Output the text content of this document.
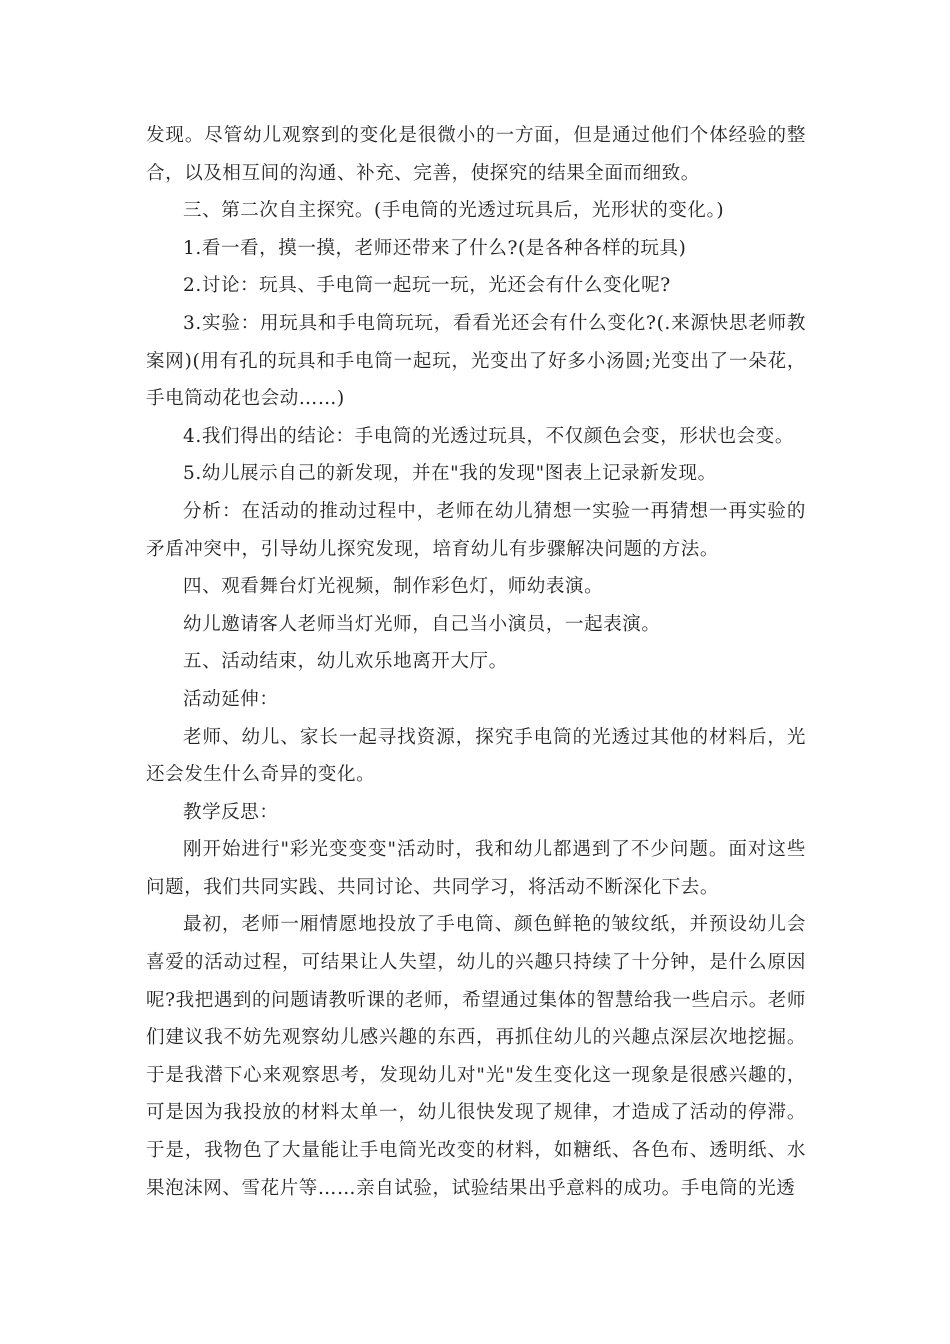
发现。尽管幼儿观察到的变化是很微小的一方面，但是通过他们个体经验的整合，以及相互间的沟通、补充、完善，使探究的结果全面而细致。

三、第二次自主探究。(手电筒的光透过玩具后，光形状的变化。)

1.看一看，摸一摸，老师还带来了什么?(是各种各样的玩具)

2.讨论：玩具、手电筒一起玩一玩，光还会有什么变化呢?

3.实验：用玩具和手电筒玩玩，看看光还会有什么变化?(.来源快思老师教案网)(用有孔的玩具和手电筒一起玩，光变出了好多小汤圆;光变出了一朵花，手电筒动花也会动……)

4.我们得出的结论：手电筒的光透过玩具，不仅颜色会变，形状也会变。

5.幼儿展示自己的新发现，并在"我的发现"图表上记录新发现。

分析：在活动的推动过程中，老师在幼儿猜想一实验一再猜想一再实验的矛盾冲突中，引导幼儿探究发现，培育幼儿有步骤解决问题的方法。

四、观看舞台灯光视频，制作彩色灯，师幼表演。

幼儿邀请客人老师当灯光师，自己当小演员，一起表演。

五、活动结束，幼儿欢乐地离开大厅。

活动延伸：

老师、幼儿、家长一起寻找资源，探究手电筒的光透过其他的材料后，光还会发生什么奇异的变化。

教学反思：

刚开始进行"彩光变变变"活动时，我和幼儿都遇到了不少问题。面对这些问题，我们共同实践、共同讨论、共同学习，将活动不断深化下去。

最初，老师一厢情愿地投放了手电筒、颜色鲜艳的皱纹纸，并预设幼儿会喜爱的活动过程，可结果让人失望，幼儿的兴趣只持续了十分钟，是什么原因呢?我把遇到的问题请教听课的老师，希望通过集体的智慧给我一些启示。老师们建议我不妨先观察幼儿感兴趣的东西，再抓住幼儿的兴趣点深层次地挖掘。于是我潜下心来观察思考，发现幼儿对"光"发生变化这一现象是很感兴趣的，可是因为我投放的材料太单一，幼儿很快发现了规律，才造成了活动的停滞。于是，我物色了大量能让手电筒光改变的材料，如糖纸、各色布、透明纸、水果泡沫网、雪花片等……亲自试验，试验结果出乎意料的成功。手电筒的光透
